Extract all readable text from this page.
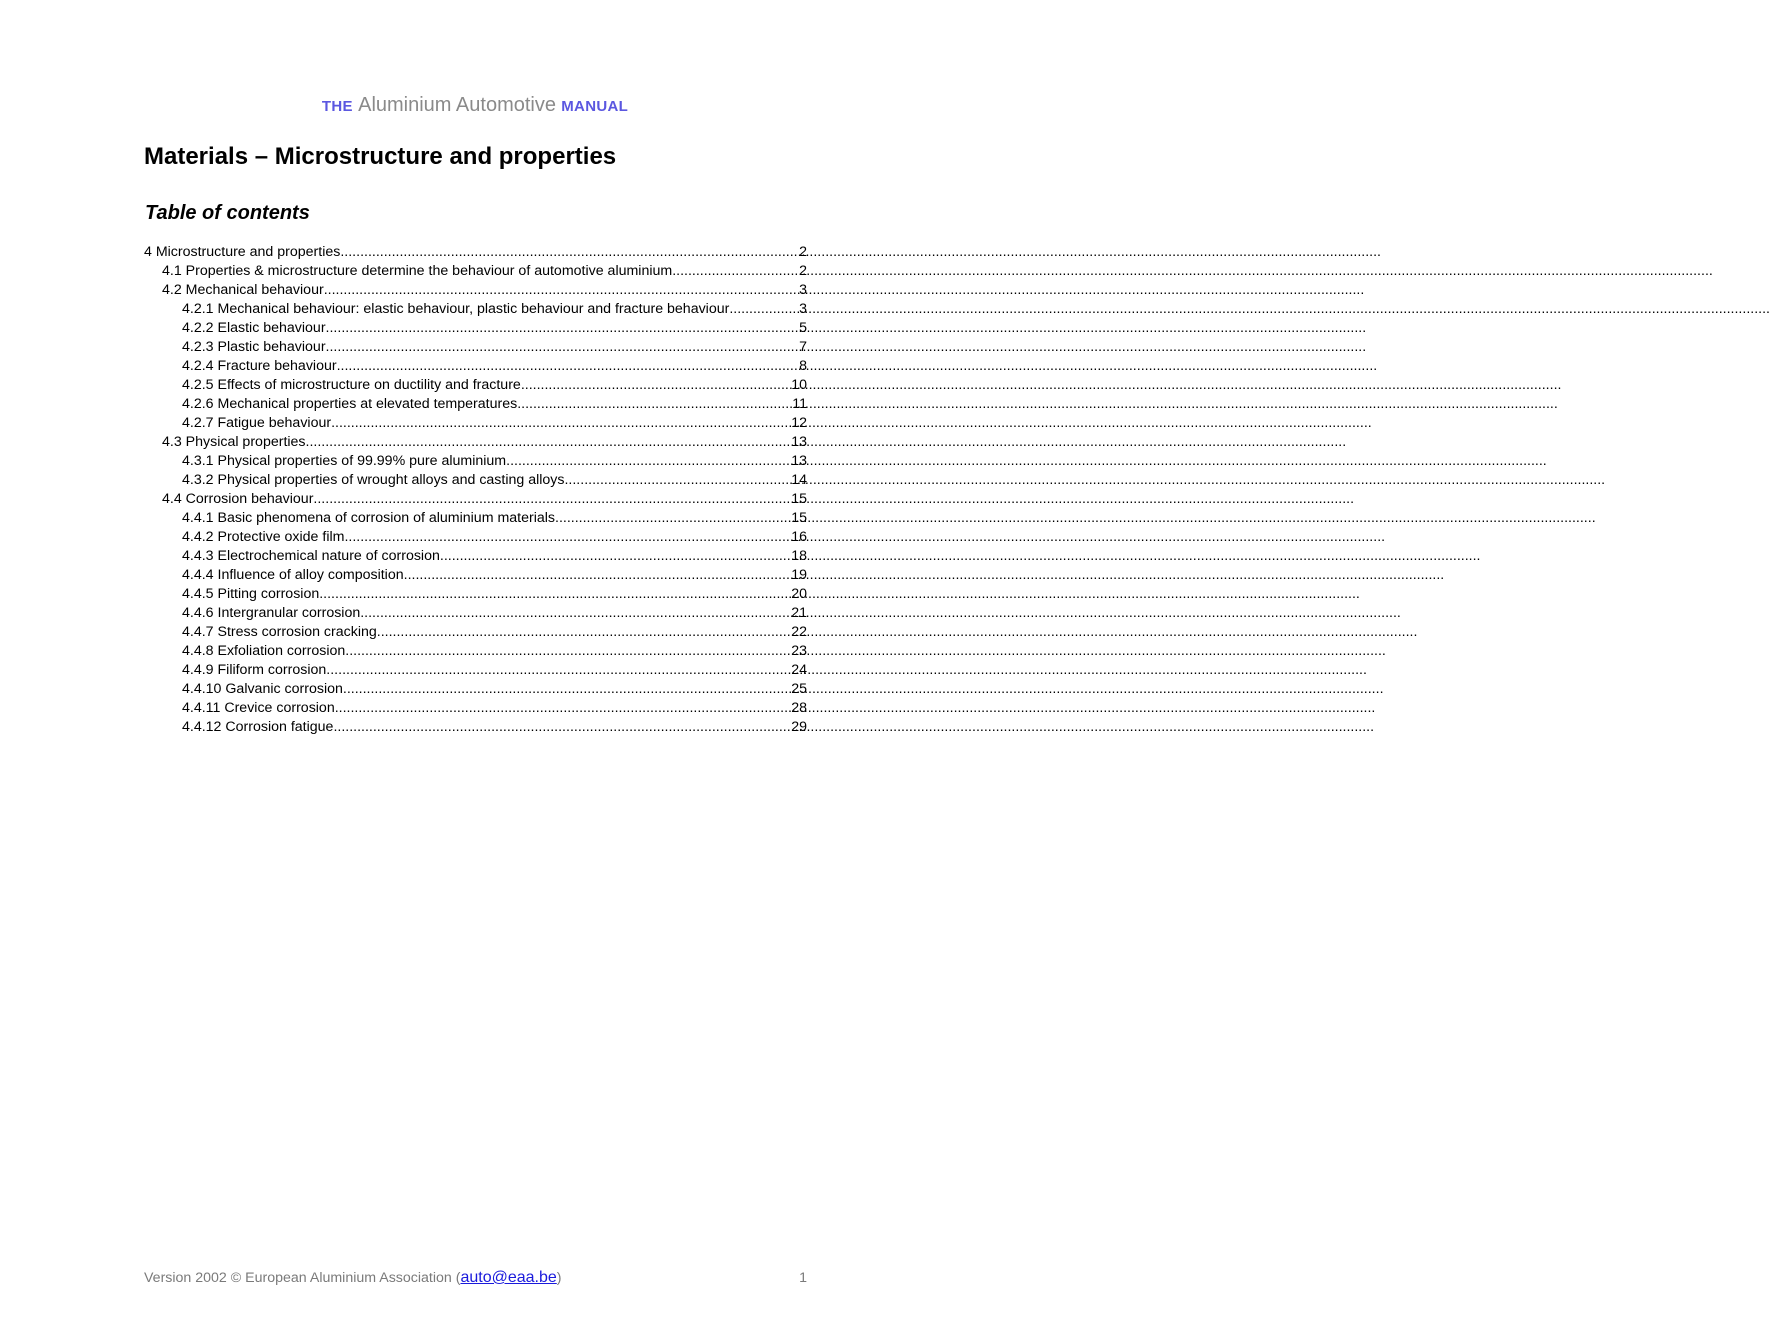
THE Aluminium Automotive MANUAL
Materials – Microstructure and properties
Table of contents
4 Microstructure and properties .....	2
4.1 Properties & microstructure determine the behaviour of automotive aluminium .....	2
4.2 Mechanical behaviour .....	3
4.2.1 Mechanical behaviour: elastic behaviour, plastic behaviour and fracture behaviour .....	3
4.2.2 Elastic behaviour .....	5
4.2.3 Plastic behaviour .....	7
4.2.4 Fracture behaviour .....	8
4.2.5 Effects of microstructure on ductility and fracture .....	10
4.2.6 Mechanical properties at elevated temperatures .....	11
4.2.7 Fatigue behaviour .....	12
4.3 Physical properties .....	13
4.3.1 Physical properties of 99.99% pure aluminium .....	13
4.3.2 Physical properties of wrought alloys and casting alloys .....	14
4.4 Corrosion behaviour .....	15
4.4.1 Basic phenomena of corrosion of aluminium materials .....	15
4.4.2 Protective oxide film .....	16
4.4.3 Electrochemical nature of corrosion .....	18
4.4.4 Influence of alloy composition .....	19
4.4.5 Pitting corrosion .....	20
4.4.6 Intergranular corrosion .....	21
4.4.7 Stress corrosion cracking .....	22
4.4.8 Exfoliation corrosion .....	23
4.4.9 Filiform corrosion .....	24
4.4.10 Galvanic corrosion .....	25
4.4.11 Crevice corrosion .....	28
4.4.12 Corrosion fatigue .....	29
Version 2002 © European Aluminium Association (auto@eaa.be)	1
